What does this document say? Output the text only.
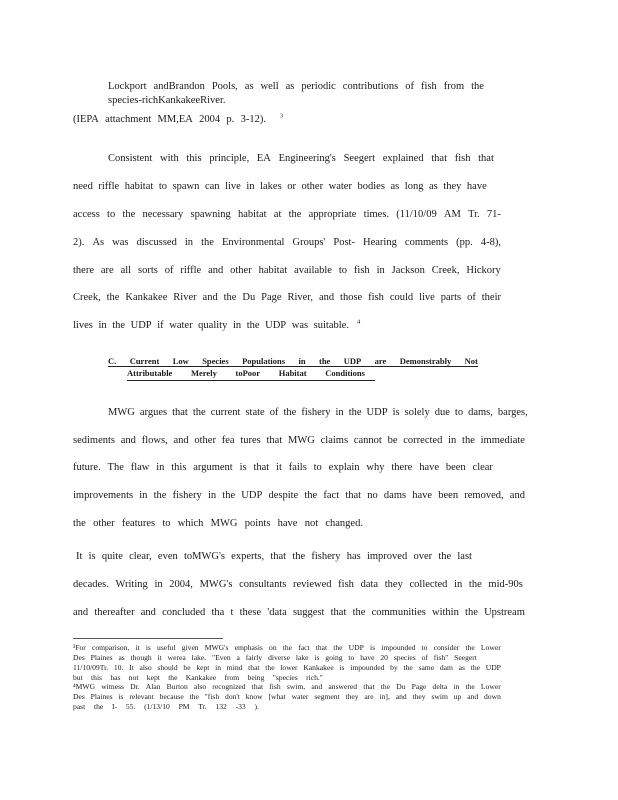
Lockport andBrandon Pools, as well as periodic contributions of fish from the
species - rich Kankakee River.
(IEPA attachment MM,EA 2004 p. 3-12). $^3$
Consistent with this principle, EA Engineering's Seegert explained that fish that
need riffle habitat to spawn can live in lakes or other water bodies as long as they have
access to the necessary spawning habitat at the appropriate times. (11/10/09 AM Tr. 71-
2). As was discussed in the Environmental Groups' Post- Hearing comments (pp. 4-8),
there are all sorts of riffle and other habitat available to fish in Jackson Creek, Hickory
Creek, the Kankakee River and the Du Page River, and those fish could live parts of their
lives in the UDP if water quality in the UDP was suitable. $^4$
C. Current Low Species Populations in the UDP are Demonstrably Not
Attributable Merely toPoor Habitat Conditions
MWG argues that the current state of the fishery in the UDP is solely due to dams, barges,
sediments and flows, and other fea tures that MWG claims cannot be corrected in the immediate
future. The flaw in this argument is that it fails to explain why there have been clear
improvements in the fishery in the UDP despite the fact that no dams have been removed, and
the other features to which MWG points have not changed.
It is quite clear, even toMWG's experts, that the fishery has improved over the last
decades. Writing in 2004, MWG's consultants reviewed fish data they collected in the mid-90s
and thereafter and concluded tha t these 'data suggest that the communities within the Upstream
³For comparison, it is useful given MWG's emphasis on the fact that the UDP is impounded to consider the Lower
Des Plaines as though it werea lake. "Even a fairly diverse lake is going to have 20 species of fish" Seegert
11/10/09Tr. 10. It also should be kept in mind that the lower Kankakee is impounded by the same dam as the UDP
but this has not kept the Kankakee from being "species rich."
⁴MWG witness Dr. Alan Burton also recognized that fish swim, and answered that the Du Page delta in the Lower
Des Plaines is relevant because the "fish don't know [what water segment they are in], and they swim up and down
past the I- 55. (1/13/10 PM Tr. 132 -33 ).
